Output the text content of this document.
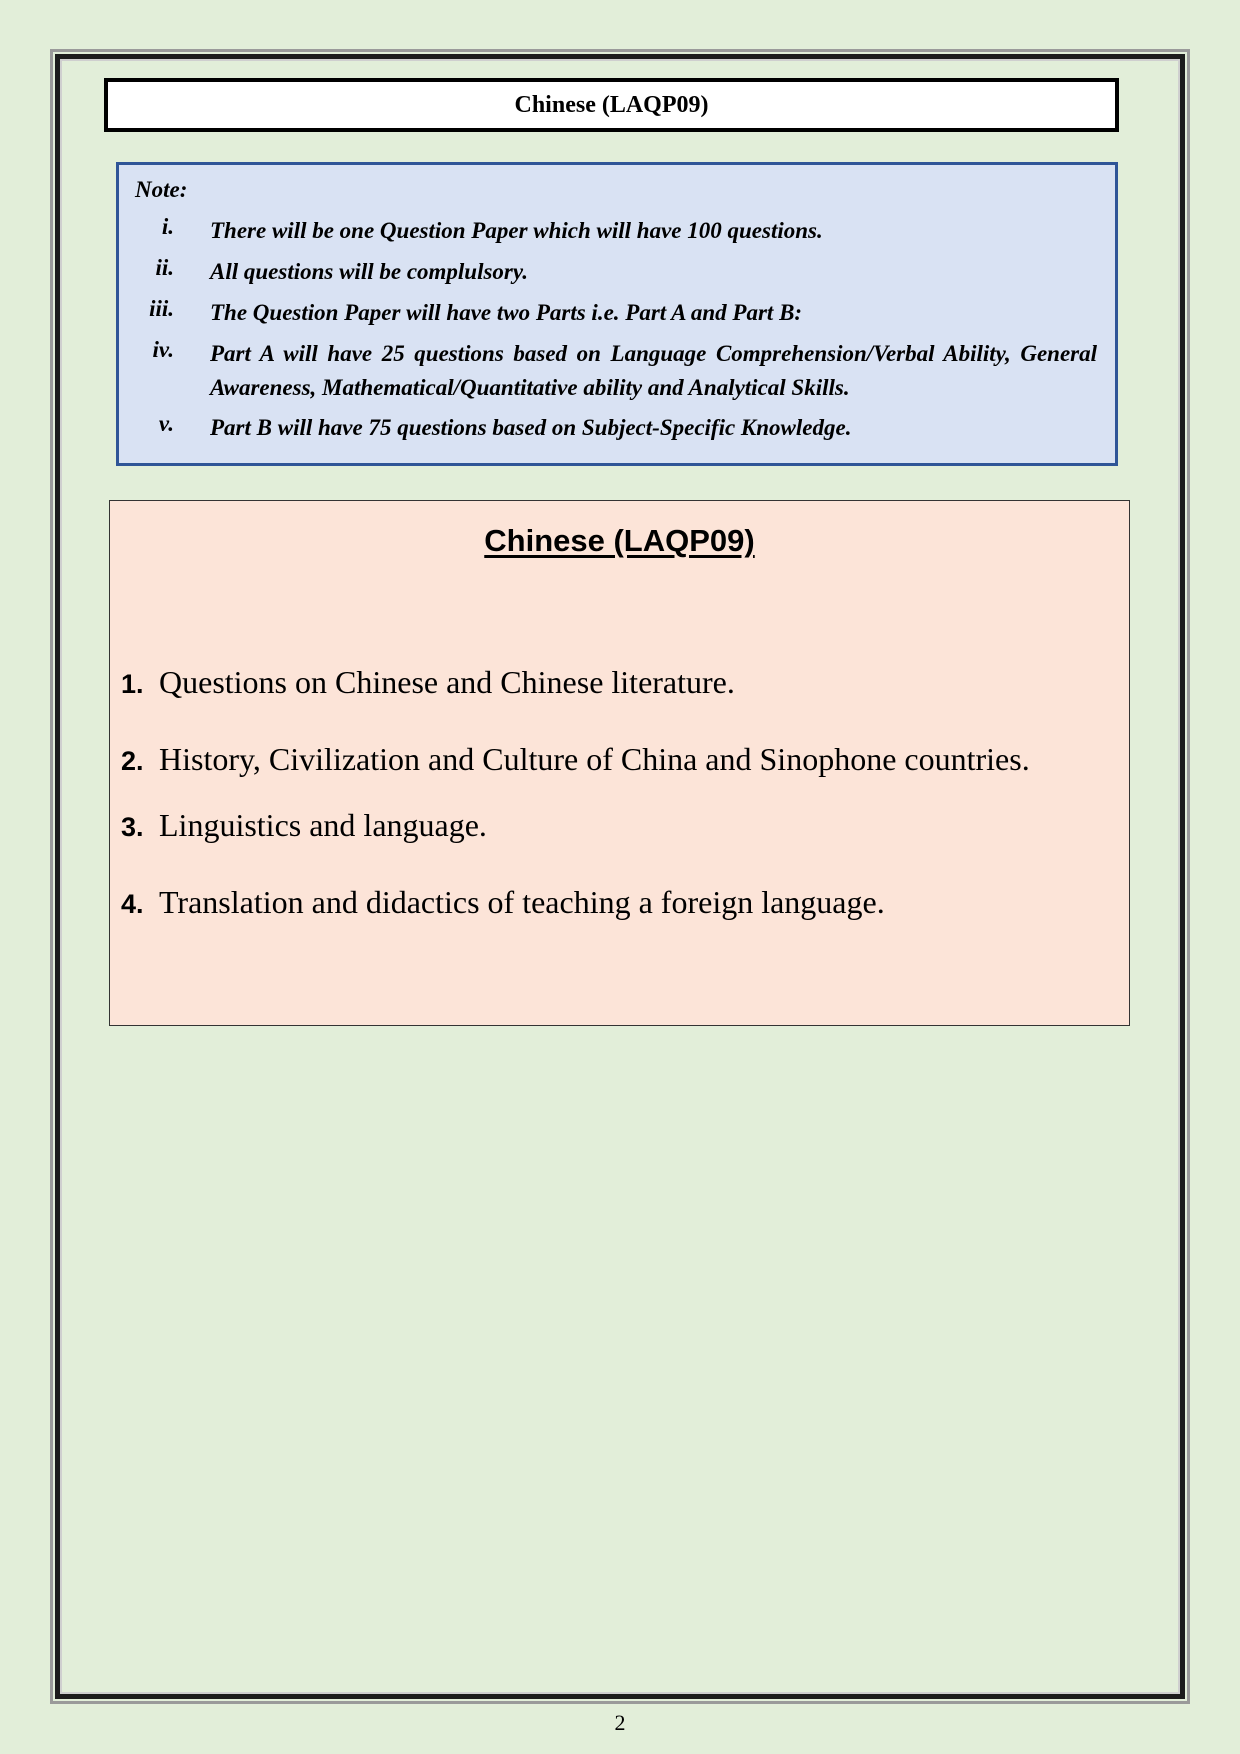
Chinese (LAQP09)
Note:
i. There will be one Question Paper which will have 100 questions.
ii. All questions will be complulsory.
iii. The Question Paper will have two Parts i.e. Part A and Part B:
iv. Part A will have 25 questions based on Language Comprehension/Verbal Ability, General Awareness, Mathematical/Quantitative ability and Analytical Skills.
v. Part B will have 75 questions based on Subject-Specific Knowledge.
Chinese (LAQP09)
1. Questions on Chinese and Chinese literature.
2. History, Civilization and Culture of China and Sinophone countries.
3. Linguistics and language.
4. Translation and didactics of teaching a foreign language.
2
